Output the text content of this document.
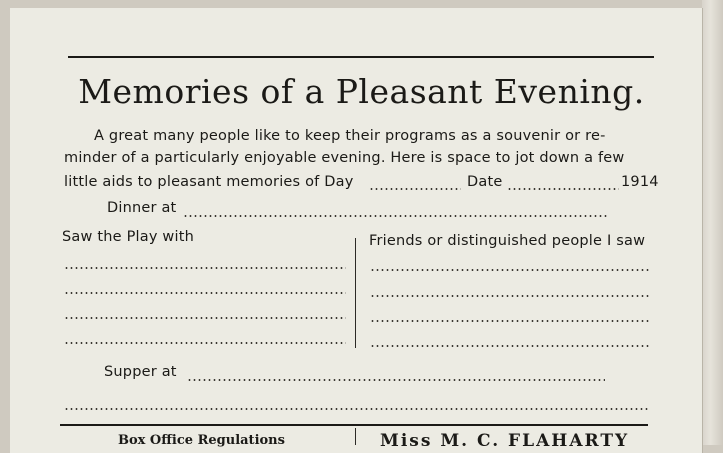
Memories of a Pleasant Evening.
A great many people like to keep their programs as a souvenir or re-
minder of a particularly enjoyable evening. Here is space to jot down a few
little aids to pleasant memories of Day	Date	1914
Dinner at
Saw the Play with	Friends or distinguished people I saw
Supper at
Box Office Regulations	Miss M. C. FLAHARTY
